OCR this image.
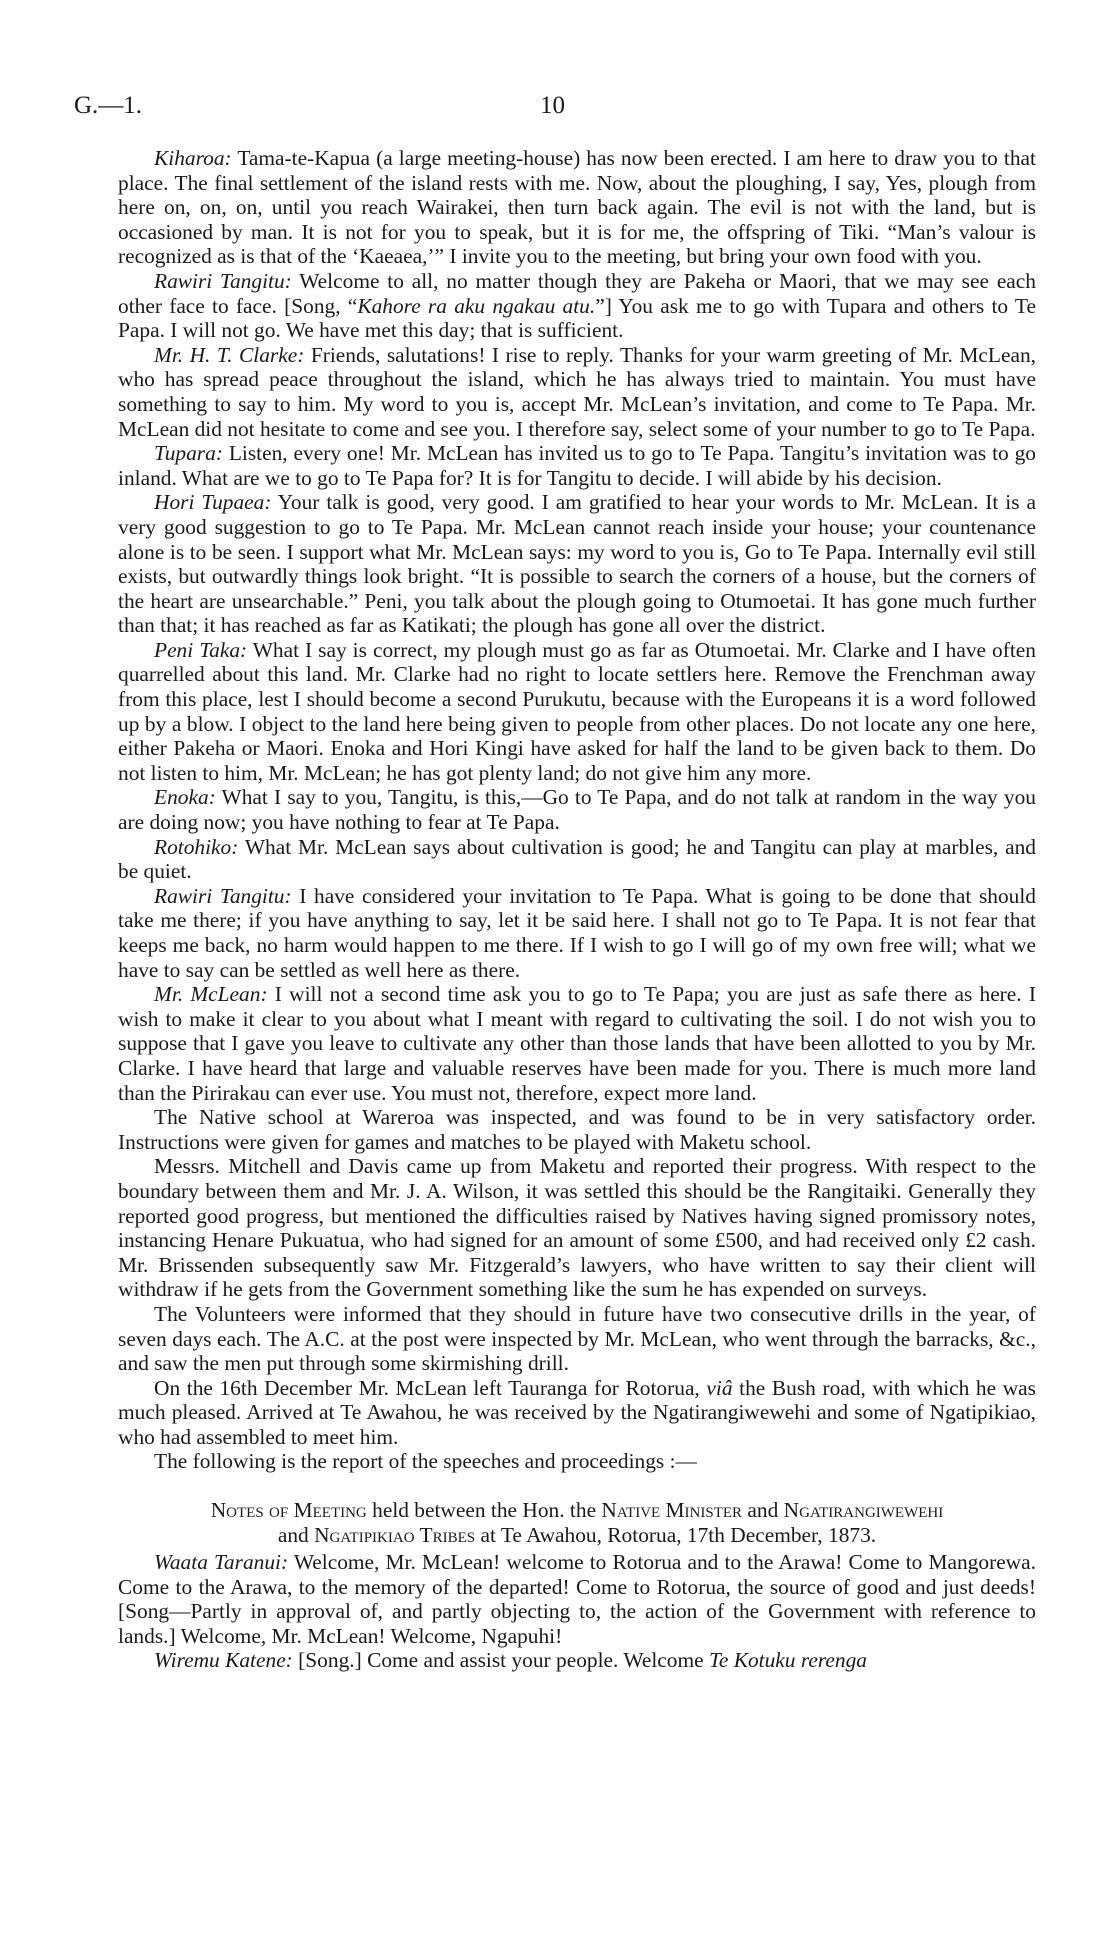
G.—1.	10

Kiharoa: Tama-te-Kapua (a large meeting-house) has now been erected. I am here to draw you to that place. The final settlement of the island rests with me. Now, about the ploughing, I say, Yes, plough from here on, on, on, until you reach Wairakei, then turn back again. The evil is not with the land, but is occasioned by man. It is not for you to speak, but it is for me, the offspring of Tiki. “Man’s valour is recognized as is that of the ‘Kaeaea,’” I invite you to the meeting, but bring your own food with you.

Rawiri Tangitu: Welcome to all, no matter though they are Pakeha or Maori, that we may see each other face to face. [Song, “Kahore ra aku ngakau atu.”] You ask me to go with Tupara and others to Te Papa. I will not go. We have met this day; that is sufficient.

Mr. H. T. Clarke: Friends, salutations! I rise to reply. Thanks for your warm greeting of Mr. McLean, who has spread peace throughout the island, which he has always tried to maintain. You must have something to say to him. My word to you is, accept Mr. McLean’s invitation, and come to Te Papa. Mr. McLean did not hesitate to come and see you. I therefore say, select some of your number to go to Te Papa.

Tupara: Listen, every one! Mr. McLean has invited us to go to Te Papa. Tangitu’s invitation was to go inland. What are we to go to Te Papa for? It is for Tangitu to decide. I will abide by his decision.

Hori Tupaea: Your talk is good, very good. I am gratified to hear your words to Mr. McLean. It is a very good suggestion to go to Te Papa. Mr. McLean cannot reach inside your house; your countenance alone is to be seen. I support what Mr. McLean says: my word to you is, Go to Te Papa. Internally evil still exists, but outwardly things look bright. “It is possible to search the corners of a house, but the corners of the heart are unsearchable.” Peni, you talk about the plough going to Otumoetai. It has gone much further than that; it has reached as far as Katikati; the plough has gone all over the district.

Peni Taka: What I say is correct, my plough must go as far as Otumoetai. Mr. Clarke and I have often quarrelled about this land. Mr. Clarke had no right to locate settlers here. Remove the Frenchman away from this place, lest I should become a second Purukutu, because with the Europeans it is a word followed up by a blow. I object to the land here being given to people from other places. Do not locate any one here, either Pakeha or Maori. Enoka and Hori Kingi have asked for half the land to be given back to them. Do not listen to him, Mr. McLean; he has got plenty land; do not give him any more.

Enoka: What I say to you, Tangitu, is this,—Go to Te Papa, and do not talk at random in the way you are doing now; you have nothing to fear at Te Papa.

Rotohiko: What Mr. McLean says about cultivation is good; he and Tangitu can play at marbles, and be quiet.

Rawiri Tangitu: I have considered your invitation to Te Papa. What is going to be done that should take me there; if you have anything to say, let it be said here. I shall not go to Te Papa. It is not fear that keeps me back, no harm would happen to me there. If I wish to go I will go of my own free will; what we have to say can be settled as well here as there.

Mr. McLean: I will not a second time ask you to go to Te Papa; you are just as safe there as here. I wish to make it clear to you about what I meant with regard to cultivating the soil. I do not wish you to suppose that I gave you leave to cultivate any other than those lands that have been allotted to you by Mr. Clarke. I have heard that large and valuable reserves have been made for you. There is much more land than the Pirirakau can ever use. You must not, therefore, expect more land.

The Native school at Wareroa was inspected, and was found to be in very satisfactory order. Instructions were given for games and matches to be played with Maketu school.

Messrs. Mitchell and Davis came up from Maketu and reported their progress. With respect to the boundary between them and Mr. J. A. Wilson, it was settled this should be the Rangitaiki. Generally they reported good progress, but mentioned the difficulties raised by Natives having signed promissory notes, instancing Henare Pukuatua, who had signed for an amount of some £500, and had received only £2 cash. Mr. Brissenden subsequently saw Mr. Fitzgerald’s lawyers, who have written to say their client will withdraw if he gets from the Government something like the sum he has expended on surveys.

The Volunteers were informed that they should in future have two consecutive drills in the year, of seven days each. The A.C. at the post were inspected by Mr. McLean, who went through the barracks, &c., and saw the men put through some skirmishing drill.

On the 16th December Mr. McLean left Tauranga for Rotorua, viâ the Bush road, with which he was much pleased. Arrived at Te Awahou, he was received by the Ngatirangiwewehi and some of Ngatipikiao, who had assembled to meet him.

The following is the report of the speeches and proceedings :—

Notes of Meeting held between the Hon. the Native Minister and Ngatirangiwewehi
and Ngatipikiao Tribes at Te Awahou, Rotorua, 17th December, 1873.

Waata Taranui: Welcome, Mr. McLean! welcome to Rotorua and to the Arawa! Come to Mangorewa. Come to the Arawa, to the memory of the departed! Come to Rotorua, the source of good and just deeds! [Song—Partly in approval of, and partly objecting to, the action of the Government with reference to lands.] Welcome, Mr. McLean! Welcome, Ngapuhi!

Wiremu Katene: [Song.] Come and assist your people. Welcome Te Kotuku rerenga
